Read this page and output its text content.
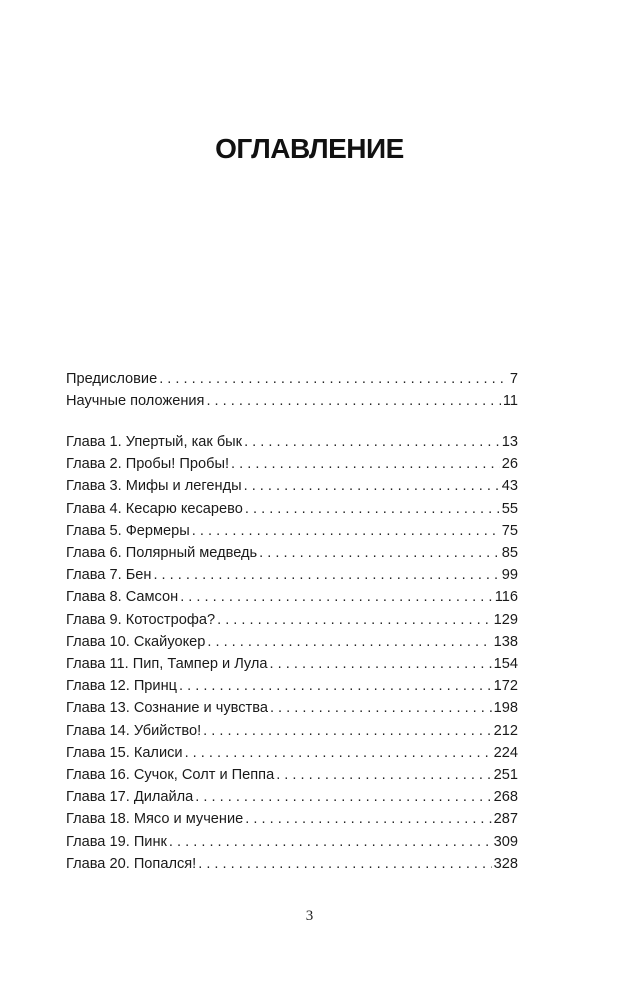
ОГЛАВЛЕНИЕ
Предисловие . . .	7
Научные положения . . .	11
Глава 1. Упертый, как бык . . .	13
Глава 2. Пробы! Пробы! . . .	26
Глава 3. Мифы и легенды . . .	43
Глава 4. Кесарю кесарево . . .	55
Глава 5. Фермеры . . .	75
Глава 6. Полярный медведь . . .	85
Глава 7. Бен . . .	99
Глава 8. Самсон . . .	116
Глава 9. Котострофа? . . .	129
Глава 10. Скайуокер . . .	138
Глава 11. Пип, Тампер и Лула . . .	154
Глава 12. Принц . . .	172
Глава 13. Сознание и чувства . . .	198
Глава 14. Убийство! . . .	212
Глава 15. Калиси . . .	224
Глава 16. Сучок, Солт и Пеппа . . .	251
Глава 17. Дилайла . . .	268
Глава 18. Мясо и мучение . . .	287
Глава 19. Пинк . . .	309
Глава 20. Попался! . . .	328
3
